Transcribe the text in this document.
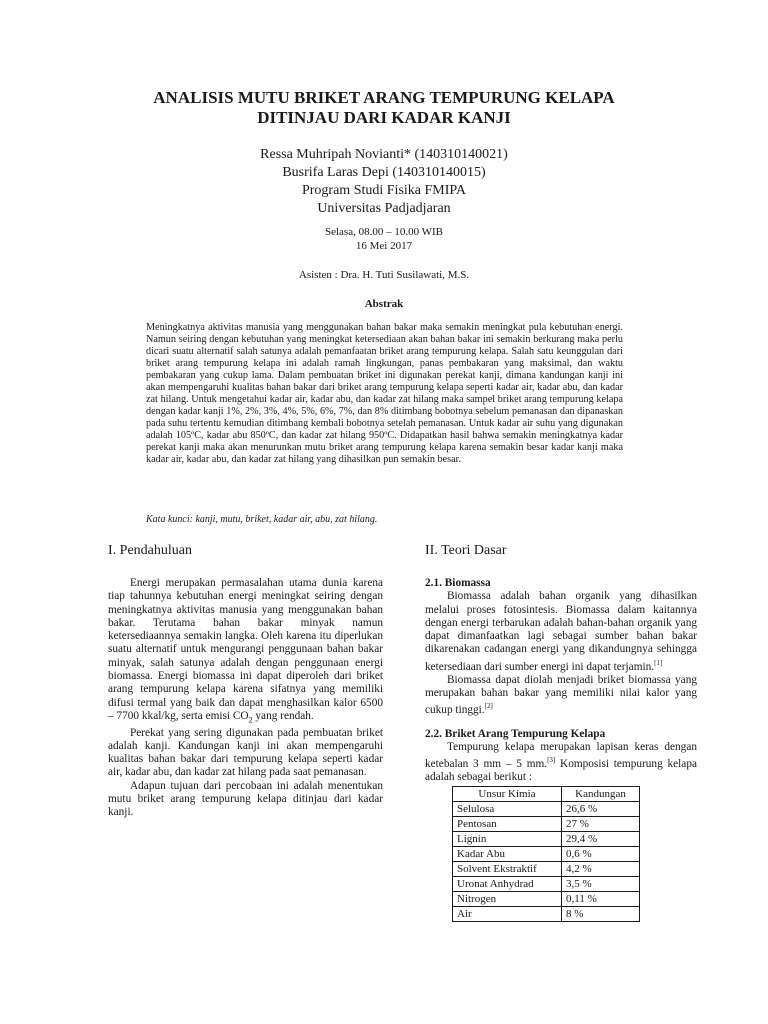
ANALISIS MUTU BRIKET ARANG TEMPURUNG KELAPA
DITINJAU DARI KADAR KANJI
Ressa Muhripah Novianti* (140310140021)
Busrifa Laras Depi (140310140015)
Program Studi Fisika FMIPA
Universitas Padjadjaran
Selasa, 08.00 – 10.00 WIB
16 Mei 2017
Asisten : Dra. H. Tuti Susilawati, M.S.
Abstrak

Meningkatnya aktivitas manusia yang menggunakan bahan bakar maka semakin meningkat pula kebutuhan energi. Namun seiring dengan kebutuhan yang meningkat ketersediaan akan bahan bakar ini semakin berkurang maka perlu dicari suatu alternatif salah satunya adalah pemanfaatan briket arang tempurung kelapa. Salah satu keunggulan dari briket arang tempurung kelapa ini adalah ramah lingkungan, panas pembakaran yang maksimal, dan waktu pembakaran yang cukup lama. Dalam pembuatan briket ini digunakan perekat kanji, dimana kandungan kanji ini akan mempengaruhi kualitas bahan bakar dari briket arang tempurung kelapa seperti kadar air, kadar abu, dan kadar zat hilang. Untuk mengetahui kadar air, kadar abu, dan kadar zat hilang maka sampel briket arang tempurung kelapa dengan kadar kanji 1%, 2%, 3%, 4%, 5%, 6%, 7%, dan 8% ditimbang bobotnya sebelum pemanasan dan dipanaskan pada suhu tertentu kemudian ditimbang kembali bobotnya setelah pemanasan. Untuk kadar air suhu yang digunakan adalah 105ºC, kadar abu 850ºC, dan kadar zat hilang 950ºC. Didapatkan hasil bahwa semakin meningkatnya kadar perekat kanji maka akan menurunkan mutu briket arang tempurung kelapa karena semakin besar kadar kanji maka kadar air, kadar abu, dan kadar zat hilang yang dihasilkan pun semakin besar.

Kata kunci: kanji, mutu, briket, kadar air, abu, zat hilang.
I. Pendahuluan

Energi merupakan permasalahan utama dunia karena tiap tahunnya kebutuhan energi meningkat seiring dengan meningkatnya aktivitas manusia yang menggunakan bahan bakar. Terutama bahan bakar minyak namun ketersediaannya semakin langka. Oleh karena itu diperlukan suatu alternatif untuk mengurangi penggunaan bahan bakar minyak, salah satunya adalah dengan penggunaan energi biomassa. Energi biomassa ini dapat diperoleh dari briket arang tempurung kelapa karena sifatnya yang memiliki difusi termal yang baik dan dapat menghasilkan kalor 6500 – 7700 kkal/kg, serta emisi $CO_2$ yang rendah.

Perekat yang sering digunakan pada pembuatan briket adalah kanji. Kandungan kanji ini akan mempengaruhi kualitas bahan bakar dari tempurung kelapa seperti kadar air, kadar abu, dan kadar zat hilang pada saat pemanasan.

Adapun tujuan dari percobaan ini adalah menentukan mutu briket arang tempurung kelapa ditinjau dari kadar kanji.

II. Teori Dasar
2.1. Biomassa

Biomassa adalah bahan organik yang dihasilkan melalui proses fotosintesis. Biomassa dalam kaitannya dengan energi terbarukan adalah bahan-bahan organik yang dapat dimanfaatkan lagi sebagai sumber bahan bakar dikarenakan cadangan energi yang dikandungnya sehingga ketersediaan dari sumber energi ini dapat terjamin.[1]

Biomassa dapat diolah menjadi briket biomassa yang merupakan bahan bakar yang memiliki nilai kalor yang cukup tinggi.[2]

2.2. Briket Arang Tempurung Kelapa

Tempurung kelapa merupakan lapisan keras dengan ketebalan 3 mm – 5 mm.[3] Komposisi tempurung kelapa adalah sebagai berikut :

Unsur Kimia	Kandungan
Selulosa	26,6 %
Pentosan	27 %
Lignin	29,4 %
Kadar Abu	0,6 %
Solvent Ekstraktif	4,2 %
Uronat Anhydrad	3,5 %
Nitrogen	0,11 %
Air	8 %
